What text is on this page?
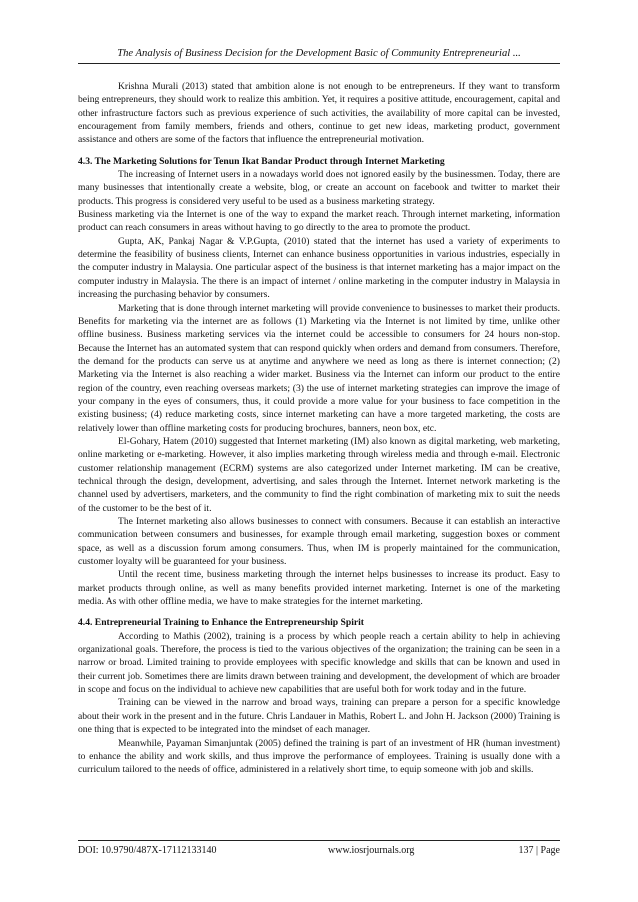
The Analysis of Business Decision for the Development Basic of Community Entrepreneurial ...

Krishna Murali (2013) stated that ambition alone is not enough to be entrepreneurs. If they want to transform being entrepreneurs, they should work to realize this ambition. Yet, it requires a positive attitude, encouragement, capital and other infrastructure factors such as previous experience of such activities, the availability of more capital can be invested, encouragement from family members, friends and others, continue to get new ideas, marketing product, government assistance and others are some of the factors that influence the entrepreneurial motivation.

4.3. The Marketing Solutions for Tenun Ikat Bandar Product through Internet Marketing

The increasing of Internet users in a nowadays world does not ignored easily by the businessmen. Today, there are many businesses that intentionally create a website, blog, or create an account on facebook and twitter to market their products. This progress is considered very useful to be used as a business marketing strategy.

Business marketing via the Internet is one of the way to expand the market reach. Through internet marketing, information product can reach consumers in areas without having to go directly to the area to promote the product.

Gupta, AK, Pankaj Nagar & V.P.Gupta, (2010) stated that the internet has used a variety of experiments to determine the feasibility of business clients, Internet can enhance business opportunities in various industries, especially in the computer industry in Malaysia. One particular aspect of the business is that internet marketing has a major impact on the computer industry in Malaysia. The there is an impact of internet / online marketing in the computer industry in Malaysia in increasing the purchasing behavior by consumers.

Marketing that is done through internet marketing will provide convenience to businesses to market their products. Benefits for marketing via the internet are as follows (1) Marketing via the Internet is not limited by time, unlike other offline business. Business marketing services via the internet could be accessible to consumers for 24 hours non-stop. Because the Internet has an automated system that can respond quickly when orders and demand from consumers. Therefore, the demand for the products can serve us at anytime and anywhere we need as long as there is internet connection; (2) Marketing via the Internet is also reaching a wider market. Business via the Internet can inform our product to the entire region of the country, even reaching overseas markets; (3) the use of internet marketing strategies can improve the image of your company in the eyes of consumers, thus, it could provide a more value for your business to face competition in the existing business; (4) reduce marketing costs, since internet marketing can have a more targeted marketing, the costs are relatively lower than offline marketing costs for producing brochures, banners, neon box, etc.

El-Gohary, Hatem (2010) suggested that Internet marketing (IM) also known as digital marketing, web marketing, online marketing or e-marketing. However, it also implies marketing through wireless media and through e-mail. Electronic customer relationship management (ECRM) systems are also categorized under Internet marketing. IM can be creative, technical through the design, development, advertising, and sales through the Internet. Internet network marketing is the channel used by advertisers, marketers, and the community to find the right combination of marketing mix to suit the needs of the customer to be the best of it.

The Internet marketing also allows businesses to connect with consumers. Because it can establish an interactive communication between consumers and businesses, for example through email marketing, suggestion boxes or comment space, as well as a discussion forum among consumers. Thus, when IM is properly maintained for the communication, customer loyalty will be guaranteed for your business.

Until the recent time, business marketing through the internet helps businesses to increase its product. Easy to market products through online, as well as many benefits provided internet marketing. Internet is one of the marketing media. As with other offline media, we have to make strategies for the internet marketing.

4.4. Entrepreneurial Training to Enhance the Entrepreneurship Spirit

According to Mathis (2002), training is a process by which people reach a certain ability to help in achieving organizational goals. Therefore, the process is tied to the various objectives of the organization; the training can be seen in a narrow or broad. Limited training to provide employees with specific knowledge and skills that can be known and used in their current job. Sometimes there are limits drawn between training and development, the development of which are broader in scope and focus on the individual to achieve new capabilities that are useful both for work today and in the future.

Training can be viewed in the narrow and broad ways, training can prepare a person for a specific knowledge about their work in the present and in the future. Chris Landauer in Mathis, Robert L. and John H. Jackson (2000) Training is one thing that is expected to be integrated into the mindset of each manager.

Meanwhile, Payaman Simanjuntak (2005) defined the training is part of an investment of HR (human investment) to enhance the ability and work skills, and thus improve the performance of employees. Training is usually done with a curriculum tailored to the needs of office, administered in a relatively short time, to equip someone with job and skills.

DOI: 10.9790/487X-17112133140	www.iosrjournals.org	137 | Page
